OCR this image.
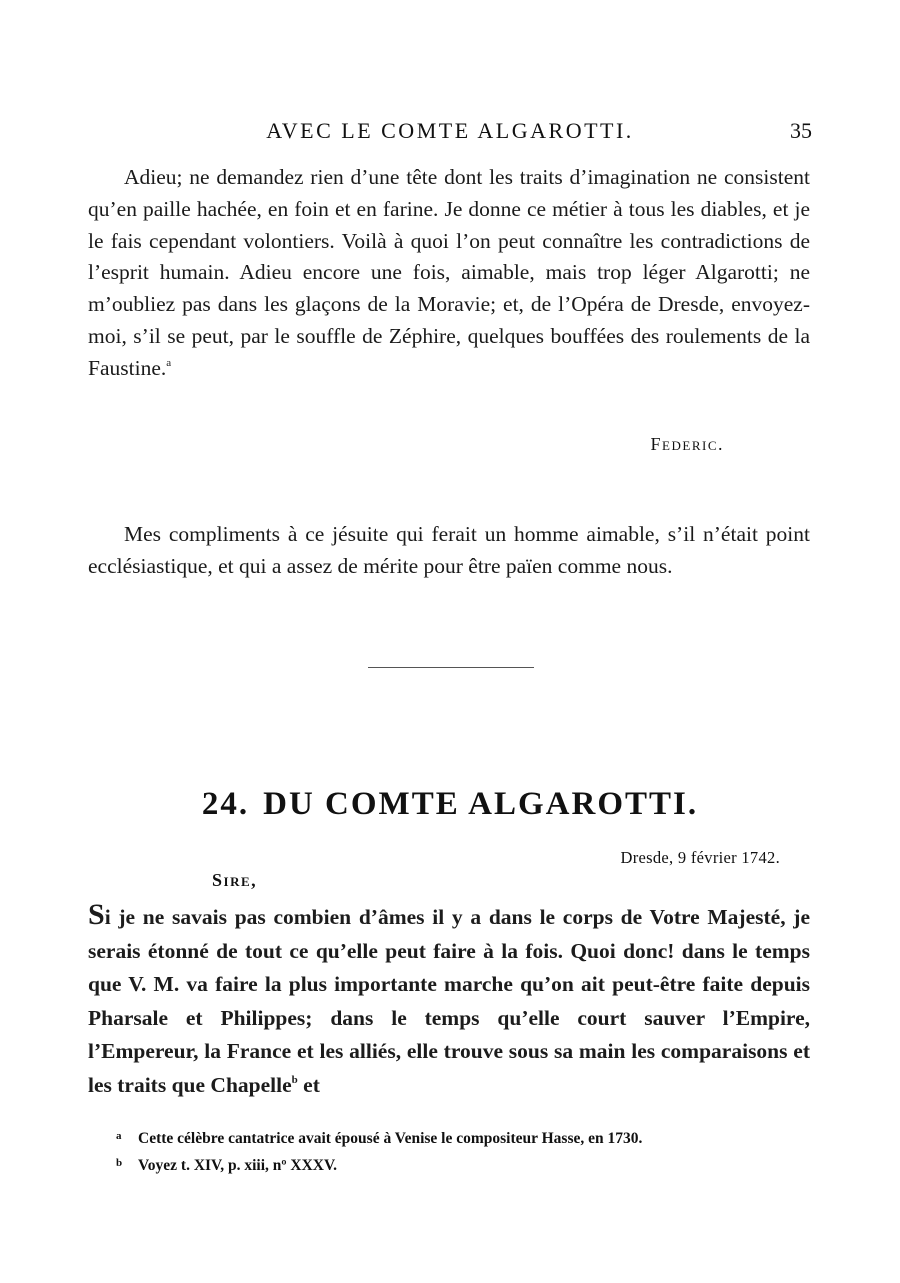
AVEC LE COMTE ALGAROTTI.	35

Adieu; ne demandez rien d’une tête dont les traits d’imagination ne consistent qu’en paille hachée, en foin et en farine. Je donne ce métier à tous les diables, et je le fais cependant volontiers. Voilà à quoi l’on peut connaître les contradictions de l’esprit humain. Adieu encore une fois, aimable, mais trop léger Algarotti; ne m’oubliez pas dans les glaçons de la Moravie; et, de l’Opéra de Dresde, envoyez-moi, s’il se peut, par le souffle de Zéphire, quelques bouffées des roulements de la Faustine.$^a$

Federic.

Mes compliments à ce jésuite qui ferait un homme aimable, s’il n’était point ecclésiastique, et qui a assez de mérite pour être païen comme nous.

24. DU COMTE ALGAROTTI.
Dresde, 9 février 1742.
Sire,

Si je ne savais pas combien d’âmes il y a dans le corps de Votre Majesté, je serais étonné de tout ce qu’elle peut faire à la fois. Quoi donc! dans le temps que V. M. va faire la plus importante marche qu’on ait peut-être faite depuis Pharsale et Philippes; dans le temps qu’elle court sauver l’Empire, l’Empereur, la France et les alliés, elle trouve sous sa main les comparaisons et les traits que Chapelle$^b$ et

a Cette célèbre cantatrice avait épousé à Venise le compositeur Hasse, en 1730.
b Voyez t. XIV, p. xiii, nº XXXV.
